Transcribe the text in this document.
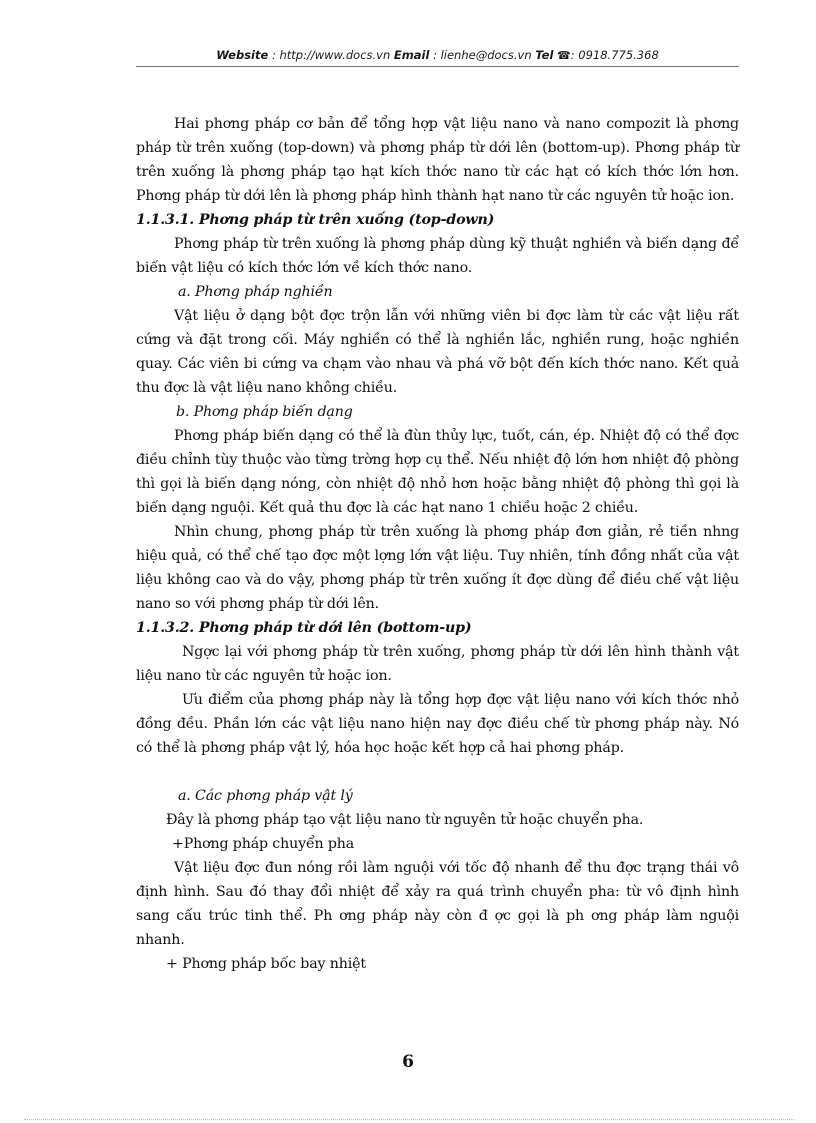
Website : http://www.docs.vn Email : lienhe@docs.vn Tel ☎: 0918.775.368

Hai phơng pháp cơ bản để tổng hợp vật liệu nano và nano compozit là phơng pháp từ trên xuống (top-down) và phơng pháp từ dới lên (bottom-up). Phơng pháp từ trên xuống là phơng pháp tạo hạt kích thớc nano từ các hạt có kích thớc lớn hơn. Phơng pháp từ dới lên là phơng pháp hình thành hạt nano từ các nguyên tử hoặc ion.

1.1.3.1. Phơng pháp từ trên xuống (top-down)

Phơng pháp từ trên xuống là phơng pháp dùng kỹ thuật nghiền và biến dạng để biến vật liệu có kích thớc lớn về kích thớc nano.

a. Phơng pháp nghiền

Vật liệu ở dạng bột đợc trộn lẫn với những viên bi đợc làm từ các vật liệu rất cứng và đặt trong cối. Máy nghiền có thể là nghiền lắc, nghiền rung, hoặc nghiền quay. Các viên bi cứng va chạm vào nhau và phá vỡ bột đến kích thớc nano. Kết quả thu đợc là vật liệu nano không chiều.

b. Phơng pháp biến dạng

Phơng pháp biến dạng có thể là đùn thủy lực, tuốt, cán, ép. Nhiệt độ có thể đợc điều chỉnh tùy thuộc vào từng trờng hợp cụ thể. Nếu nhiệt độ lớn hơn nhiệt độ phòng thì gọi là biến dạng nóng, còn nhiệt độ nhỏ hơn hoặc bằng nhiệt độ phòng thì gọi là biến dạng nguội. Kết quả thu đợc là các hạt nano 1 chiều hoặc 2 chiều.

Nhìn chung, phơng pháp từ trên xuống là phơng pháp đơn giản, rẻ tiền nhng hiệu quả, có thể chế tạo đợc một lợng lớn vật liệu. Tuy nhiên, tính đồng nhất của vật liệu không cao và do vậy, phơng pháp từ trên xuống ít đợc dùng để điều chế vật liệu nano so với phơng pháp từ dới lên.

1.1.3.2. Phơng pháp từ dới lên (bottom-up)

Ngợc lại với phơng pháp từ trên xuống, phơng pháp từ dới lên hình thành vật liệu nano từ các nguyên tử hoặc ion.

Ưu điểm của phơng pháp này là tổng hợp đợc vật liệu nano với kích thớc nhỏ đồng đều. Phần lớn các vật liệu nano hiện nay đợc điều chế từ phơng pháp này. Nó có thể là phơng pháp vật lý, hóa học hoặc kết hợp cả hai phơng pháp.

a. Các phơng pháp vật lý

Đây là phơng pháp tạo vật liệu nano từ nguyên tử hoặc chuyển pha.

+Phơng pháp chuyển pha

Vật liệu đợc đun nóng rồi làm nguội với tốc độ nhanh để thu đợc trạng thái vô định hình. Sau đó thay đổi nhiệt để xảy ra quá trình chuyển pha: từ vô định hình sang cấu trúc tinh thể. Ph ơng pháp này còn đ ợc gọi là ph ơng pháp làm nguội nhanh.

+ Phơng pháp bốc bay nhiệt

6
